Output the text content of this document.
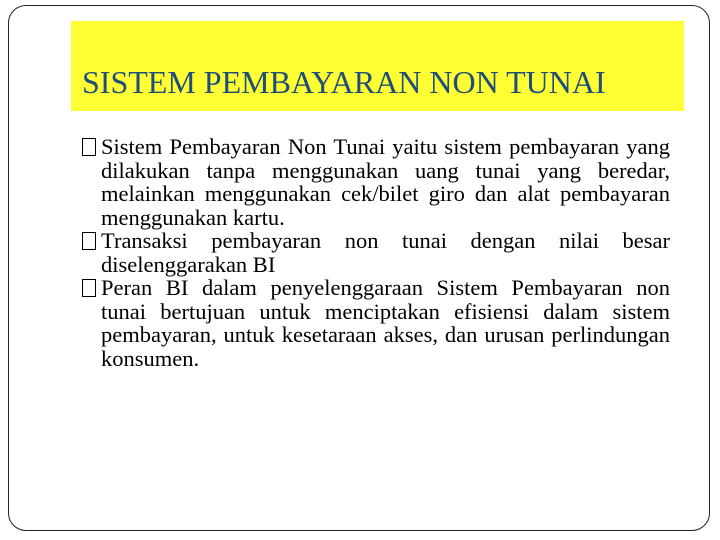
SISTEM PEMBAYARAN NON TUNAI
Sistem Pembayaran Non Tunai yaitu sistem pembayaran yang dilakukan tanpa menggunakan uang tunai yang beredar, melainkan menggunakan cek/bilet giro dan alat pembayaran menggunakan kartu.
Transaksi pembayaran non tunai dengan nilai besar diselenggarakan BI
Peran BI dalam penyelenggaraan Sistem Pembayaran non tunai bertujuan untuk menciptakan efisiensi dalam sistem pembayaran, untuk kesetaraan akses, dan urusan perlindungan konsumen.
